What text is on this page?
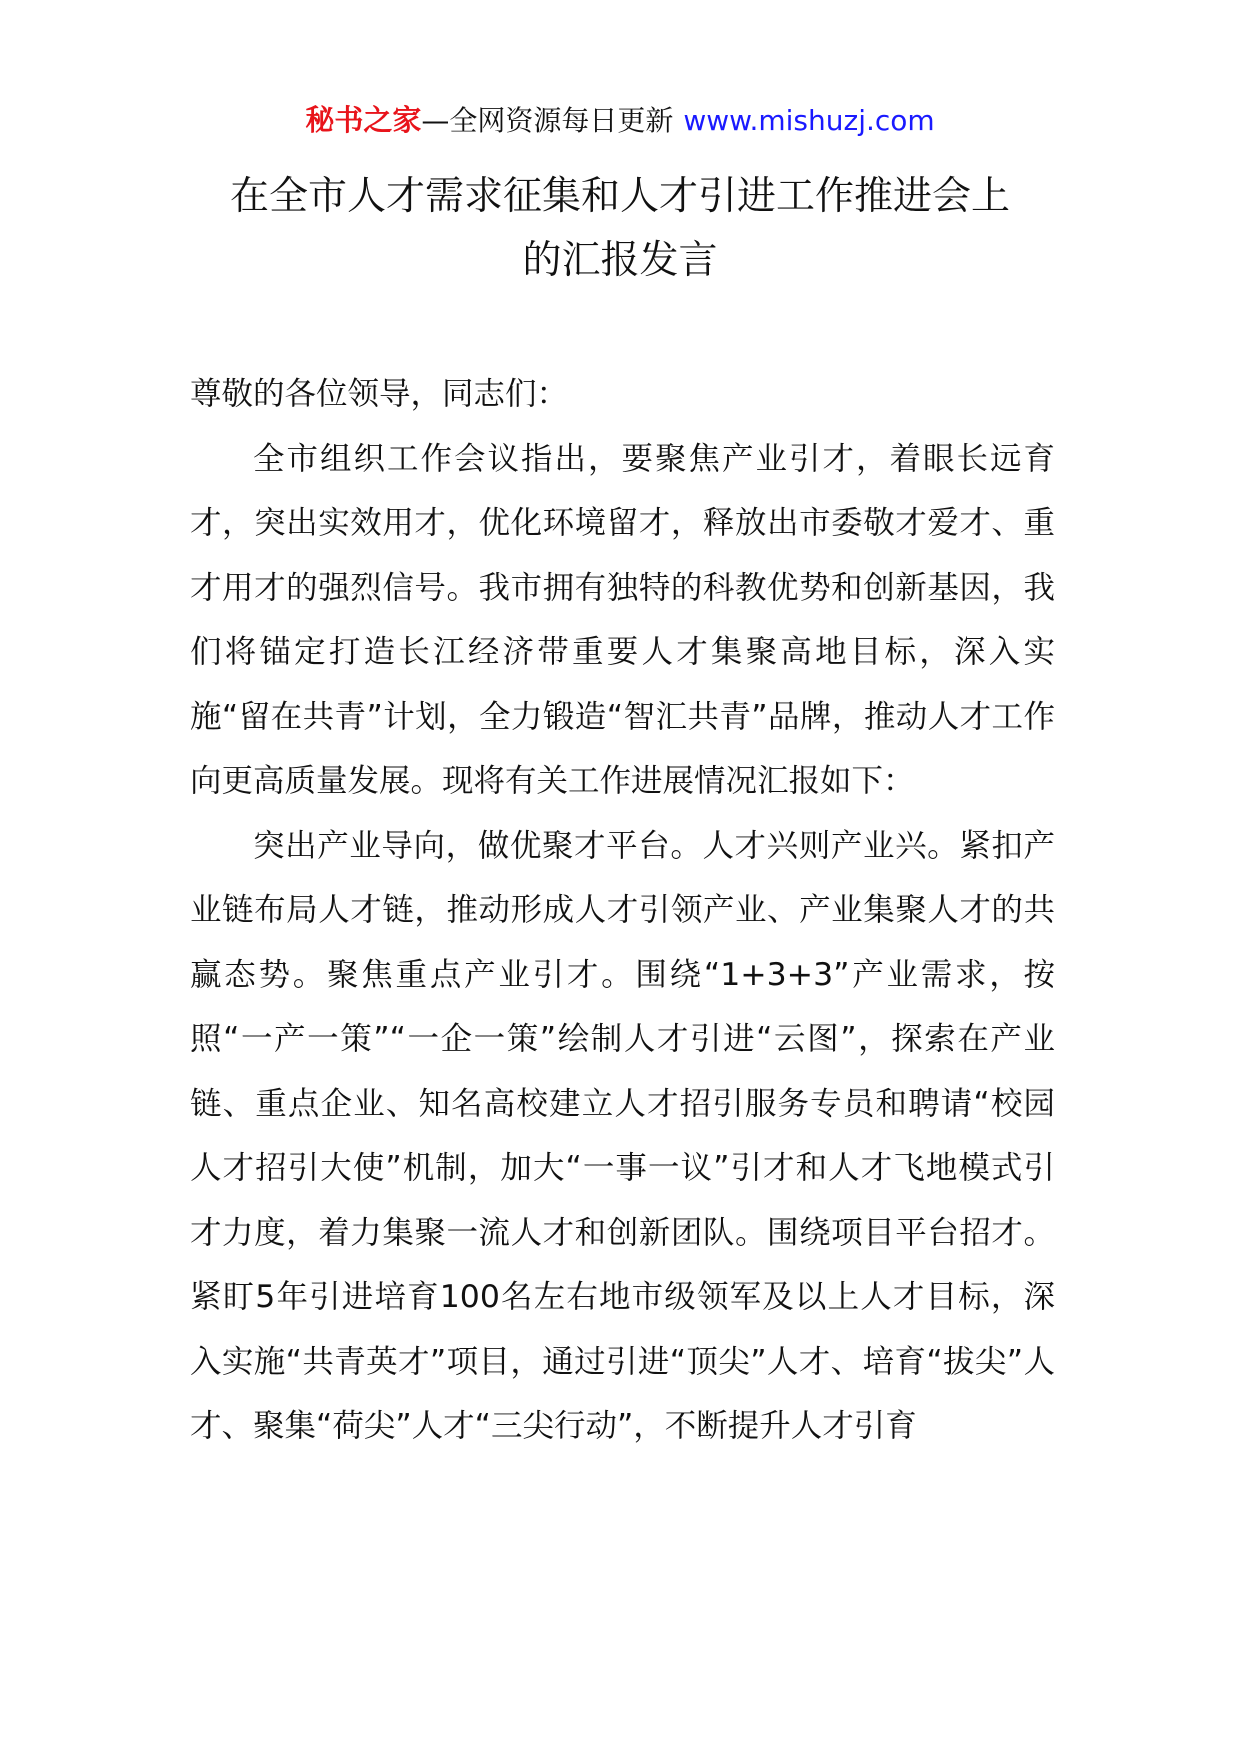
秘书之家—全网资源每日更新 www.mishuzj.com
在全市人才需求征集和人才引进工作推进会上
的汇报发言

尊敬的各位领导，同志们：

全市组织工作会议指出，要聚焦产业引才，着眼长远育才，突出实效用才，优化环境留才，释放出市委敬才爱才、重才用才的强烈信号。我市拥有独特的科教优势和创新基因，我们将锚定打造长江经济带重要人才集聚高地目标，深入实施“留在共青”计划，全力锻造“智汇共青”品牌，推动人才工作向更高质量发展。现将有关工作进展情况汇报如下：

突出产业导向，做优聚才平台。人才兴则产业兴。紧扣产业链布局人才链，推动形成人才引领产业、产业集聚人才的共赢态势。聚焦重点产业引才。围绕“1+3+3”产业需求，按照“一产一策”“一企一策”绘制人才引进“云图”，探索在产业链、重点企业、知名高校建立人才招引服务专员和聘请“校园人才招引大使”机制，加大“一事一议”引才和人才飞地模式引才力度，着力集聚一流人才和创新团队。围绕项目平台招才。紧盯5年引进培育100名左右地市级领军及以上人才目标，深入实施“共青英才”项目，通过引进“顶尖”人才、培育“拔尖”人才、聚集“荷尖”人才“三尖行动”，不断提升人才引育
